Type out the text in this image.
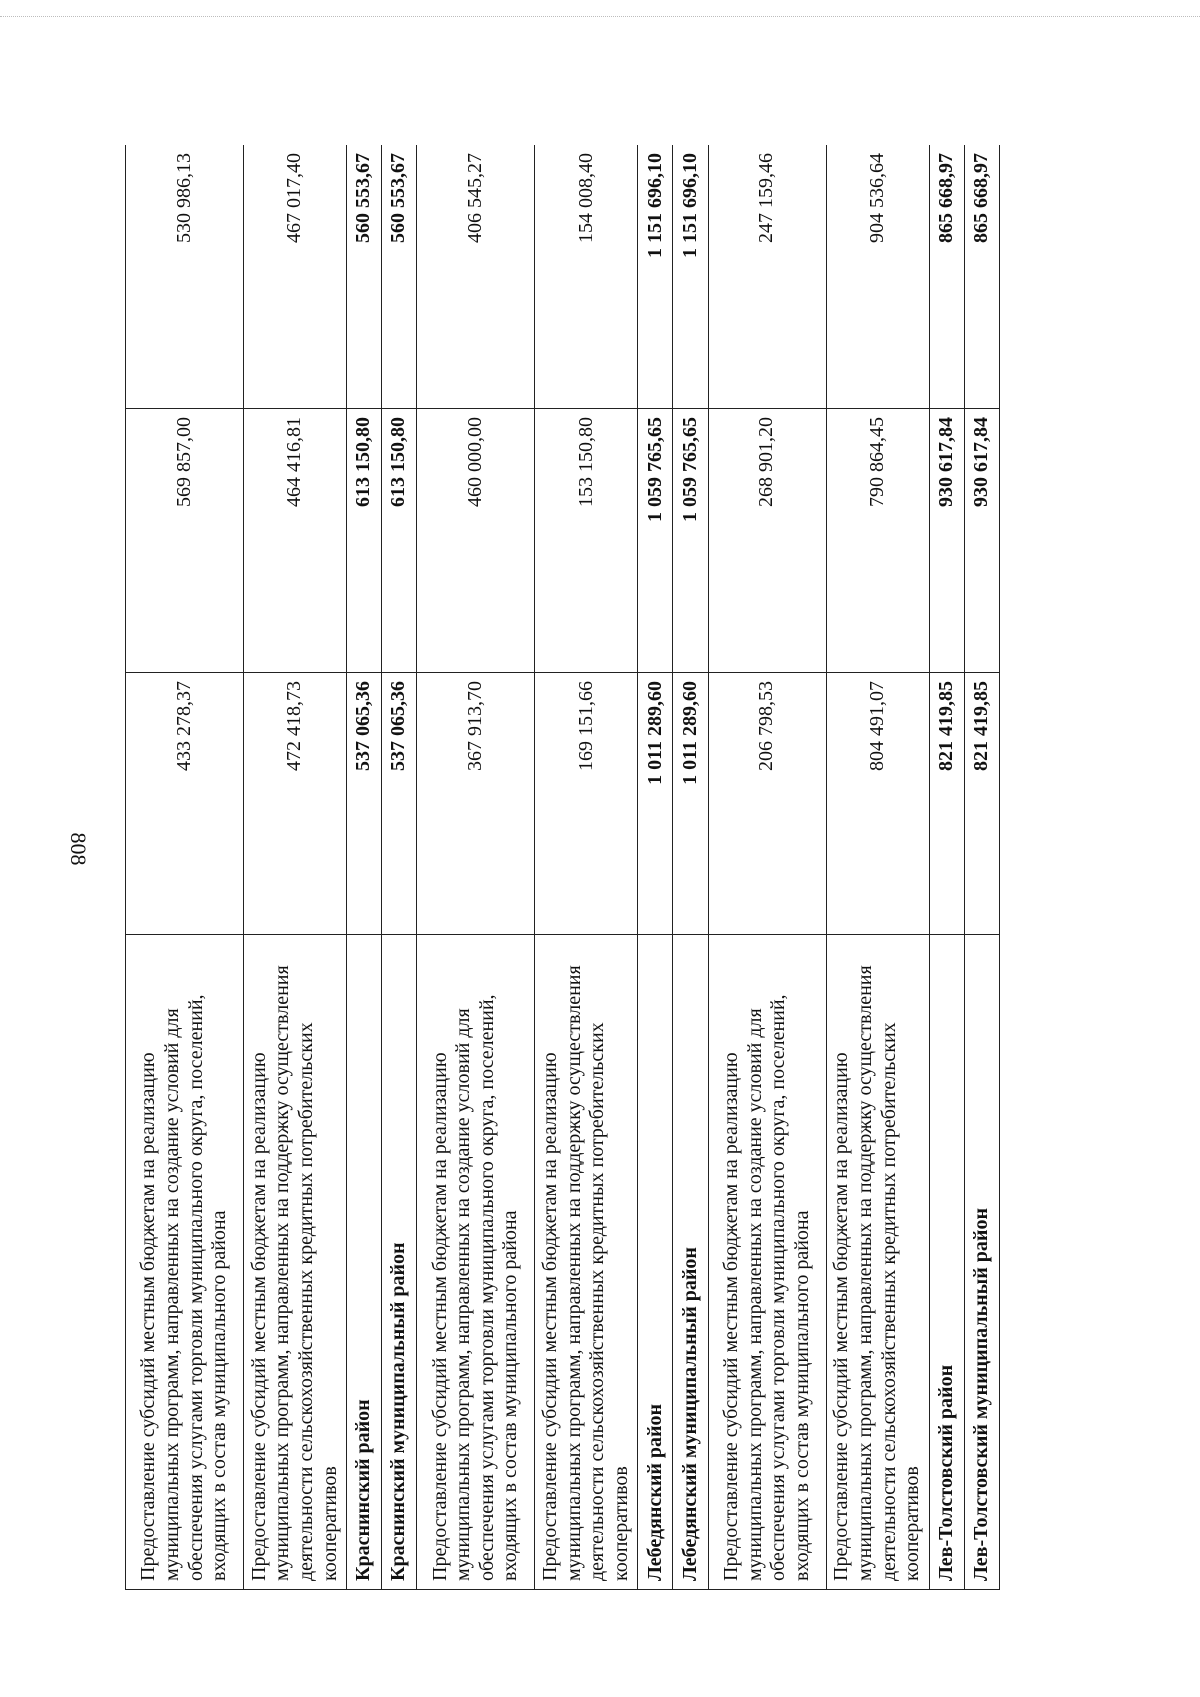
808
Предоставление субсидий местным бюджетам на реализацию муниципальных программ, направленных на создание условий для обеспечения услугами торговли муниципального округа, поселений, входящих в состав муниципального района	433 278,37	569 857,00	530 986,13
Предоставление субсидий местным бюджетам на реализацию муниципальных программ, направленных на поддержку осуществления деятельности сельскохозяйственных кредитных потребительских кооперативов	472 418,73	464 416,81	467 017,40
Краснинский район	537 065,36	613 150,80	560 553,67
Краснинский муниципальный район	537 065,36	613 150,80	560 553,67
Предоставление субсидий местным бюджетам на реализацию муниципальных программ, направленных на создание условий для обеспечения услугами торговли муниципального округа, поселений, входящих в состав муниципального района	367 913,70	460 000,00	406 545,27
Предоставление субсидии местным бюджетам на реализацию муниципальных программ, направленных на поддержку осуществления деятельности сельскохозяйственных кредитных потребительских кооперативов	169 151,66	153 150,80	154 008,40
Лебедянский район	1 011 289,60	1 059 765,65	1 151 696,10
Лебедянский муниципальный район	1 011 289,60	1 059 765,65	1 151 696,10
Предоставление субсидий местным бюджетам на реализацию муниципальных программ, направленных на создание условий для обеспечения услугами торговли муниципального округа, поселений, входящих в состав муниципального района	206 798,53	268 901,20	247 159,46
Предоставление субсидий местным бюджетам на реализацию муниципальных программ, направленных на поддержку осуществления деятельности сельскохозяйственных кредитных потребительских кооперативов	804 491,07	790 864,45	904 536,64
Лев-Толстовский район	821 419,85	930 617,84	865 668,97
Лев-Толстовский муниципальный район	821 419,85	930 617,84	865 668,97
